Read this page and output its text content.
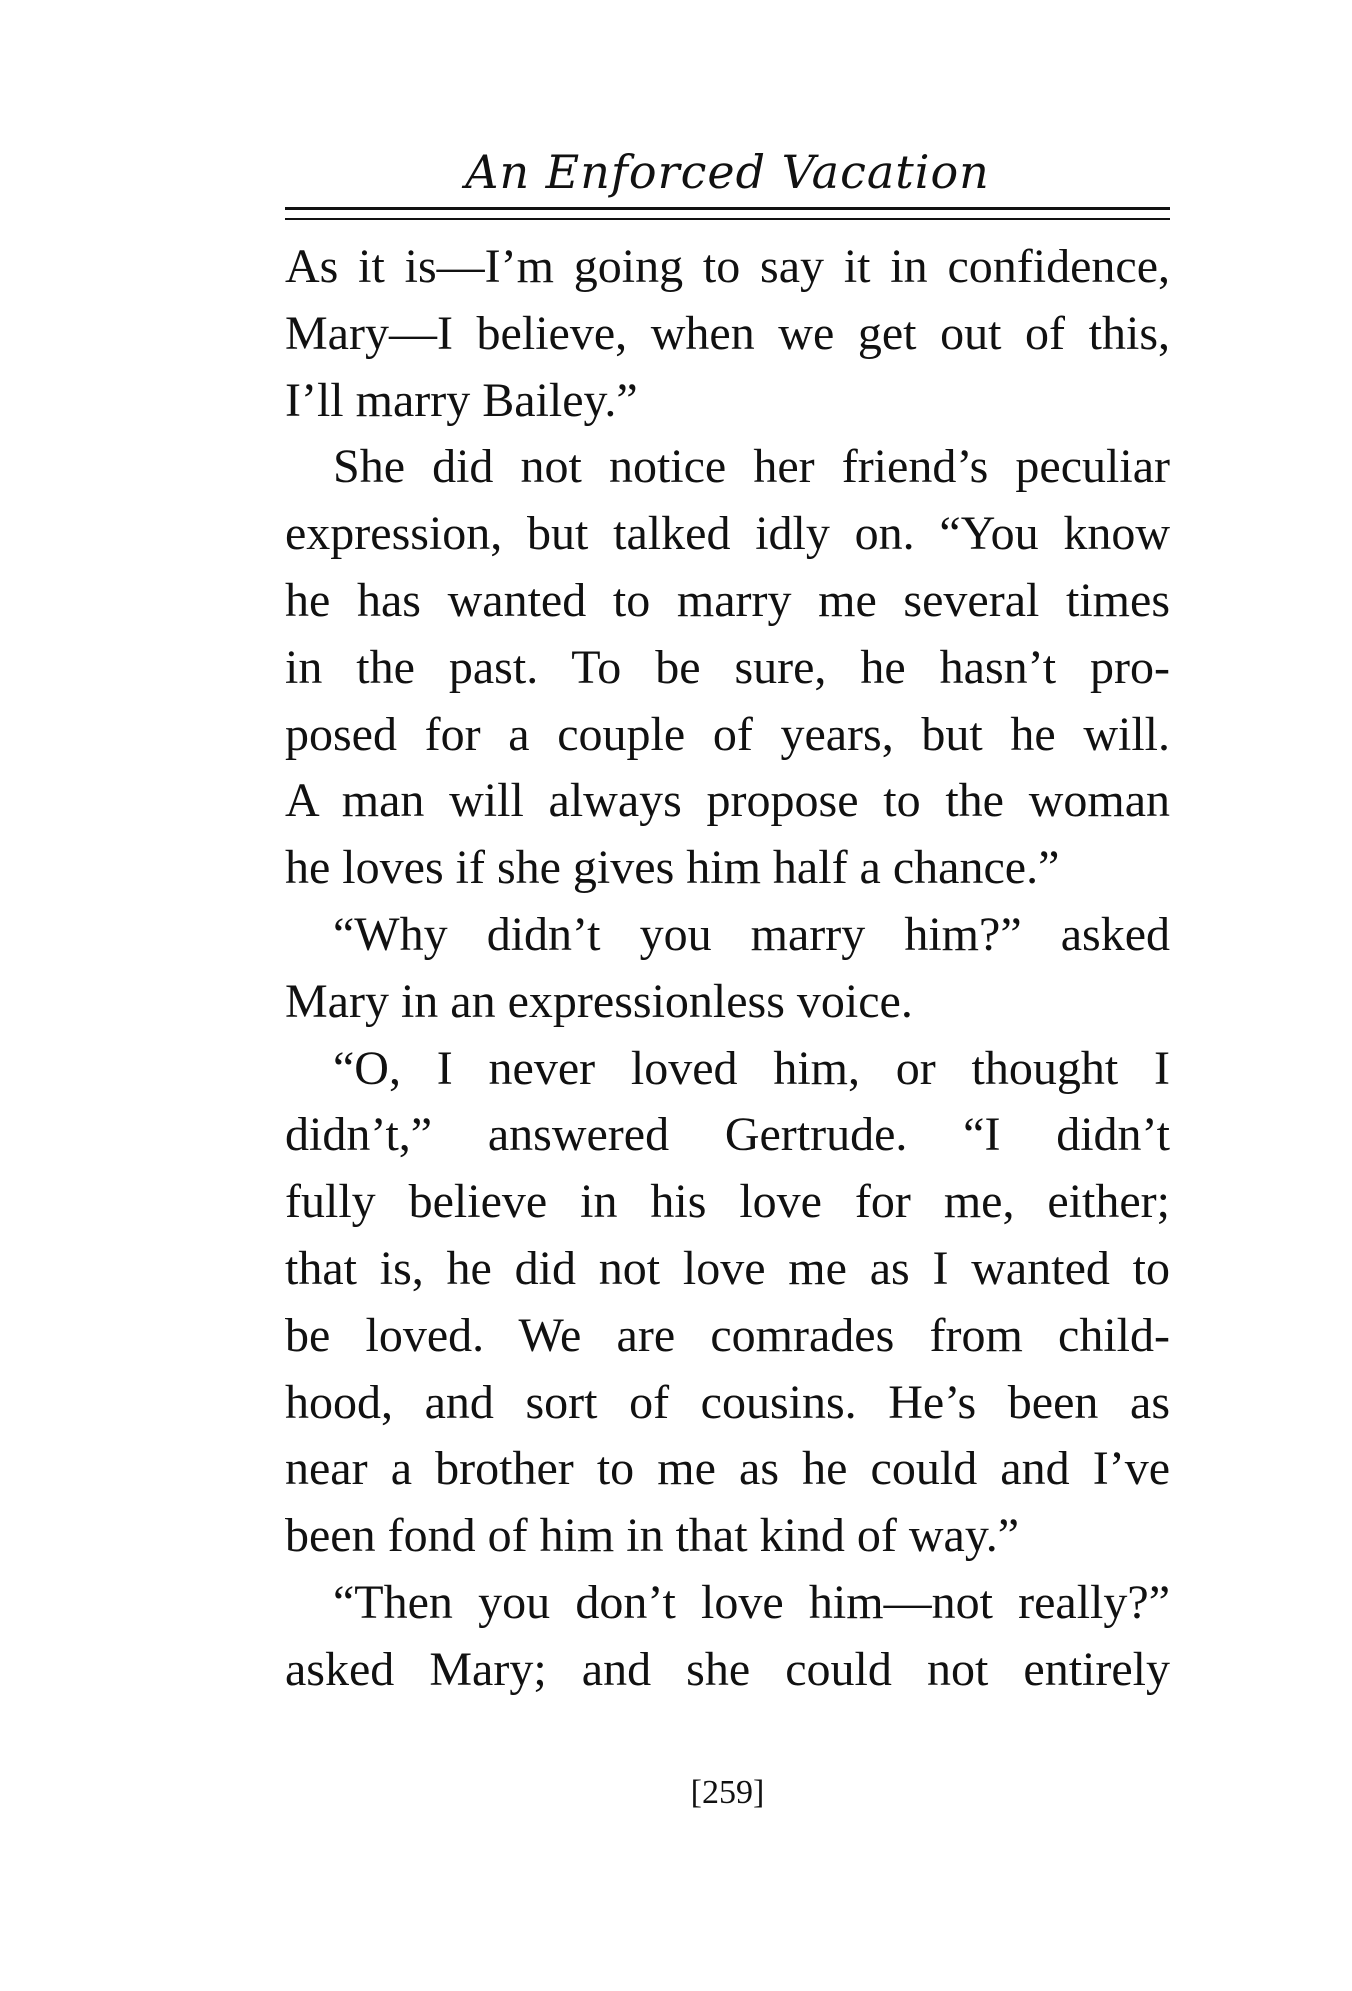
An Enforced Vacation
As it is—I’m going to say it in confidence,
Mary—I believe, when we get out of this,
I’ll marry Bailey.”
She did not notice her friend’s peculiar
expression, but talked idly on. “You know
he has wanted to marry me several times
in the past. To be sure, he hasn’t pro-
posed for a couple of years, but he will.
A man will always propose to the woman
he loves if she gives him half a chance.”
“Why didn’t you marry him?” asked
Mary in an expressionless voice.
“O, I never loved him, or thought I
didn’t,” answered Gertrude. “I didn’t
fully believe in his love for me, either;
that is, he did not love me as I wanted to
be loved. We are comrades from child-
hood, and sort of cousins. He’s been as
near a brother to me as he could and I’ve
been fond of him in that kind of way.”
“Then you don’t love him—not really?”
asked Mary; and she could not entirely
[259]
